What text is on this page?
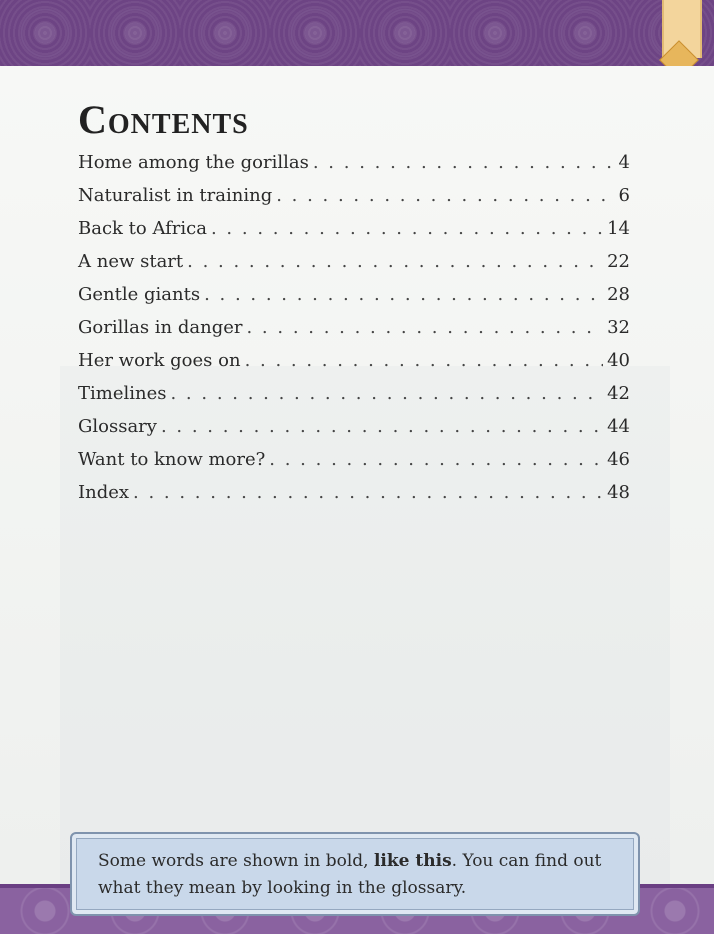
Contents
Home among the gorillas . . .	4
Naturalist in training . . .	6
Back to Africa . . .	14
A new start . . .	22
Gentle giants . . .	28
Gorillas in danger . . .	32
Her work goes on . . .	40
Timelines . . .	42
Glossary . . .	44
Want to know more? . . .	46
Index . . .	48
Some words are shown in bold, like this. You can find out what they mean by looking in the glossary.
